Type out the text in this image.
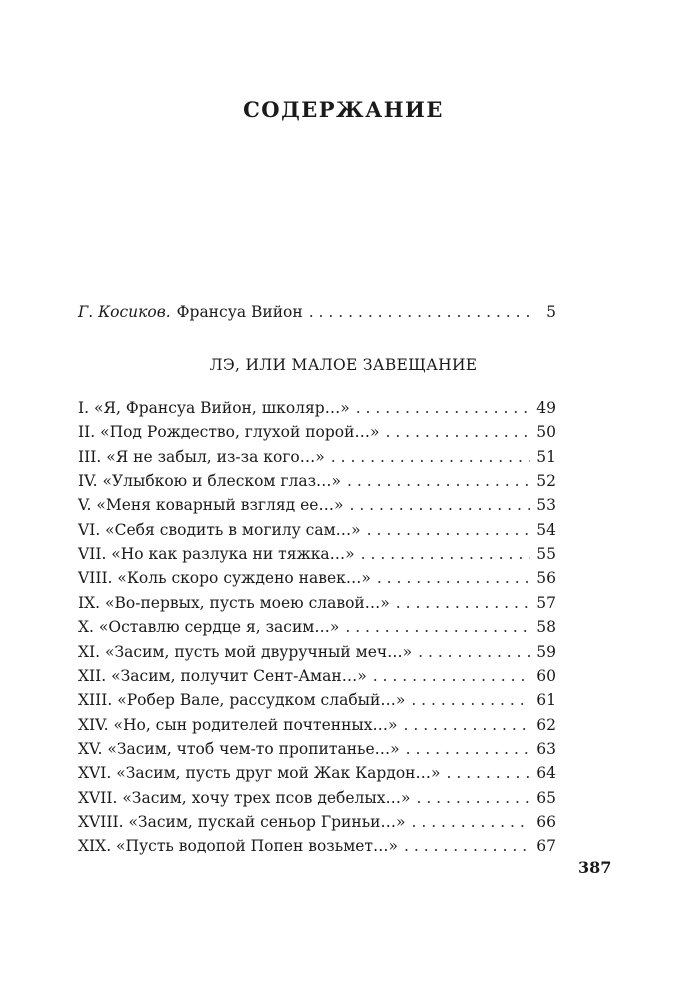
СОДЕРЖАНИЕ
Г. Косиков. Франсуа Вийон . . .	5
ЛЭ, ИЛИ МАЛОЕ ЗАВЕЩАНИЕ
I. «Я, Франсуа Вийон, школяр…» . . .	49
II. «Под Рождество, глухой порой…» . . .	50
III. «Я не забыл, из-за кого…» . . .	51
IV. «Улыбкою и блеском глаз…» . . .	52
V. «Меня коварный взгляд ее…» . . .	53
VI. «Себя сводить в могилу сам…» . . .	54
VII. «Но как разлука ни тяжка…» . . .	55
VIII. «Коль скоро суждено навек…» . . .	56
IX. «Во-первых, пусть моею славой…» . . .	57
X. «Оставлю сердце я, засим…» . . .	58
XI. «Засим, пусть мой двуручный меч…» . . .	59
XII. «Засим, получит Сент-Аман…» . . .	60
XIII. «Робер Вале, рассудком слабый…» . . .	61
XIV. «Но, сын родителей почтенных…» . . .	62
XV. «Засим, чтоб чем-то пропитанье…» . . .	63
XVI. «Засим, пусть друг мой Жак Кардон…» . . .	64
XVII. «Засим, хочу трех псов дебелых…» . . .	65
XVIII. «Засим, пускай сеньор Гриньи…» . . .	66
XIX. «Пусть водопой Попен возьмет…» . . .	67
387
